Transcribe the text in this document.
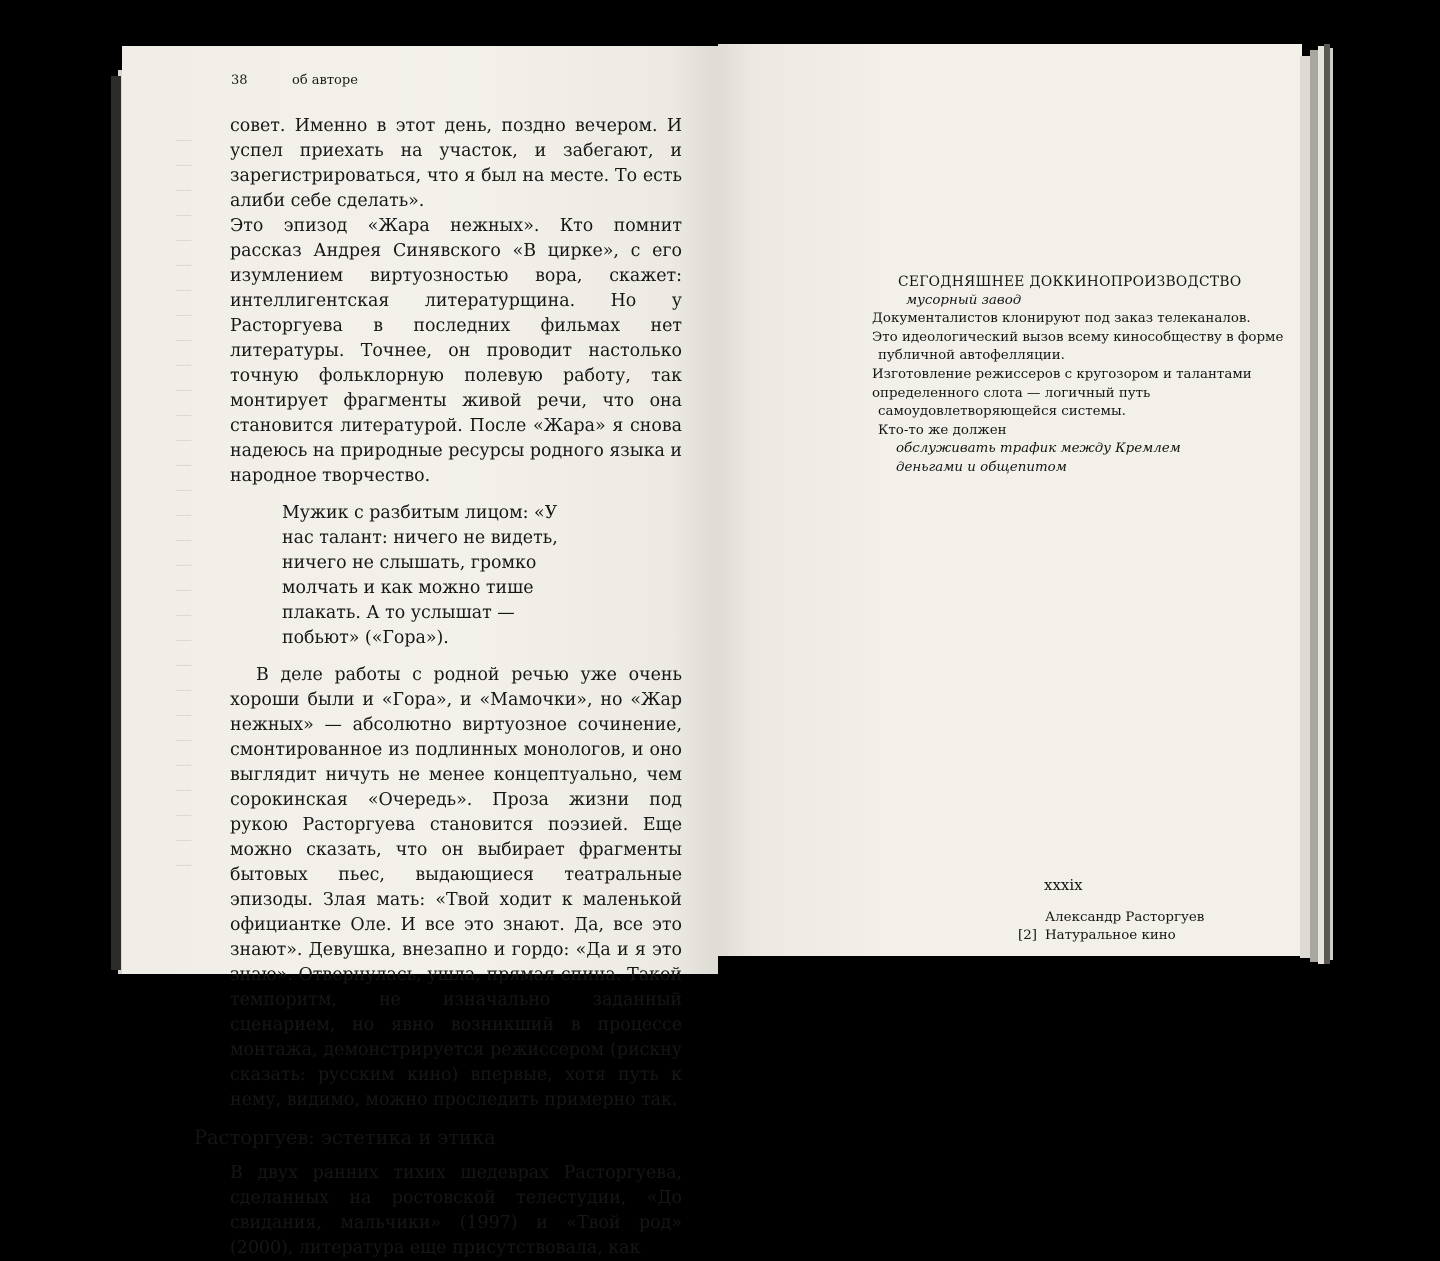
—

—

—

—

—

—

—

—

—

—

—

—

—

—

—

—

—

—

—

—

—

—

—

—

—

—

—

—

—

—

38	об авторе

совет. Именно в этот день, поздно вечером. И успел приехать на участок, и забегают, и зарегистрироваться, что я был на месте. То есть алиби себе сделать».

Это эпизод «Жара нежных». Кто помнит рассказ Андрея Синявского «В цирке», с его изумлением виртуозностью вора, скажет: интеллигентская литературщина. Но у Расторгуева в последних фильмах нет литературы. Точнее, он проводит настолько точную фольклорную полевую работу, так монтирует фрагменты живой речи, что она становится литературой. После «Жара» я снова надеюсь на природные ресурсы родного языка и народное творчество.

Мужик с разбитым лицом: «У нас талант: ничего не видеть, ничего не слышать, громко молчать и как можно тише плакать. А то услышат — побьют» («Гора»).

В деле работы с родной речью уже очень хороши были и «Гора», и «Мамочки», но «Жар нежных» — абсолютно виртуозное сочинение, смонтированное из подлинных монологов, и оно выглядит ничуть не менее концептуально, чем сорокинская «Очередь». Проза жизни под рукою Расторгуева становится поэзией. Еще можно сказать, что он выбирает фрагменты бытовых пьес, выдающиеся театральные эпизоды. Злая мать: «Твой ходит к маленькой официантке Оле. И все это знают. Да, все это знают». Девушка, внезапно и гордо: «Да и я это знаю». Отвернулась, ушла, прямая спина. Такой темпоритм, не изначально заданный сценарием, но явно возникший в процессе монтажа, демонстрируется режиссером (рискну сказать: русским кино) впервые, хотя путь к нему, видимо, можно проследить примерно так.

Расторгуев: эстетика и этика

В двух ранних тихих шедеврах Расторгуева, сделанных на ростовской телестудии, «До свидания, мальчики» (1997) и «Твой род» (2000), литература еще присутствовала, как

СЕГОДНЯШНЕЕ ДОККИНОПРОИЗВОДСТВО
мусорный завод
Документалистов клонируют под заказ телеканалов.
Это идеологический вызов всему кинособществу в форме
публичной автофелляции.
Изготовление режиссеров с кругозором и талантами
определенного слота — логичный путь
самоудовлетворяющейся системы.
Кто-то же должен
обслуживать трафик между Кремлем
деньгами и общепитом
xxxix
Александр Расторгуев
[2] Натуральное кино
